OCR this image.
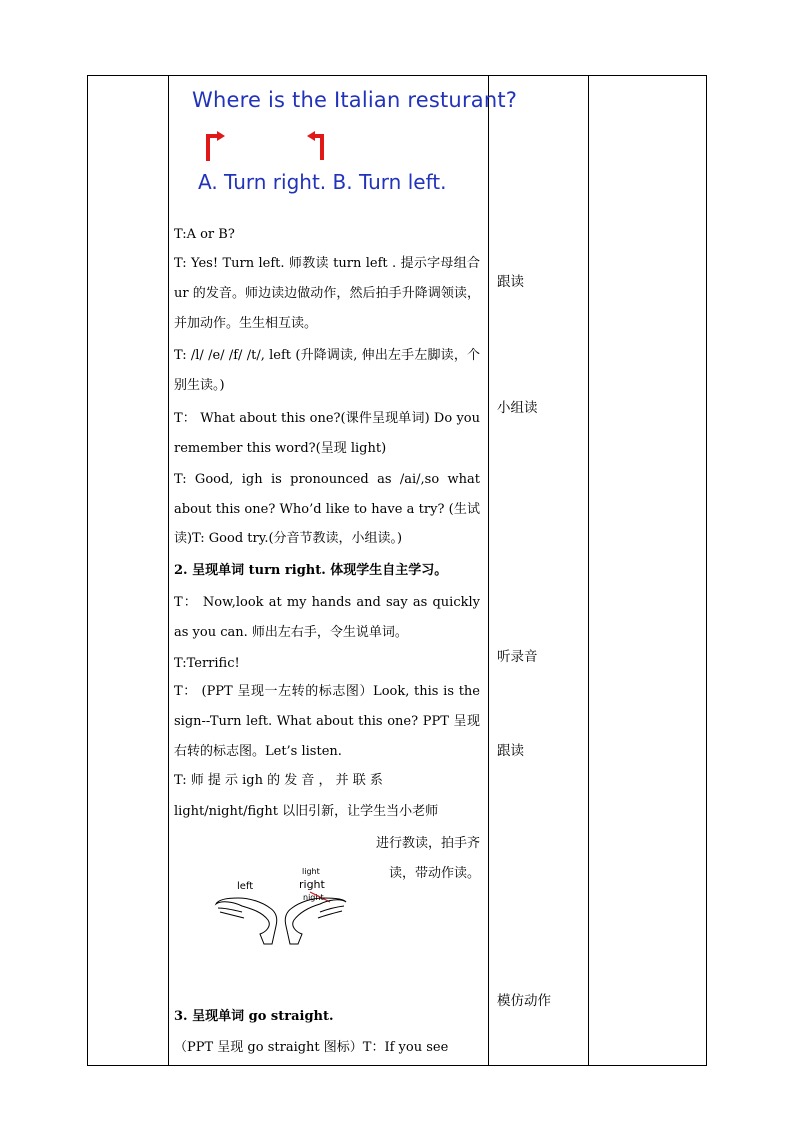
Where is the Italian resturant?
A. Turn right. B. Turn left.
T:A or B?
T: Yes! Turn left. 师教读 turn left . 提示字母组合 ur 的发音。师边读边做动作，然后拍手升降调领读，并加动作。生生相互读。
T: /l/ /e/ /f/ /t/, left (升降调读, 伸出左手左脚读，个别生读。)
T： What about this one?(课件呈现单词) Do you remember this word?(呈现 light)
T: Good, igh is pronounced as /ai/,so what about this one? Who’d like to have a try? (生试读)T: Good try.(分音节教读，小组读。)
2. 呈现单词 turn right. 体现学生自主学习。
T： Now,look at my hands and say as quickly as you can. 师出左右手，令生说单词。
T:Terrific!
T： (PPT 呈现一左转的标志图）Look, this is the sign--Turn left. What about this one? PPT 呈现右转的标志图。Let’s listen.
T: 师 提 示 igh 的 发 音 ， 并 联 系
light/night/fight 以旧引新，让学生当小老师
进行教读，拍手齐读，带动作读。
left
light
right
night
3. 呈现单词 go straight.
（PPT 呈现 go straight 图标）T：If you see
跟读
小组读
听录音
跟读
模仿动作
